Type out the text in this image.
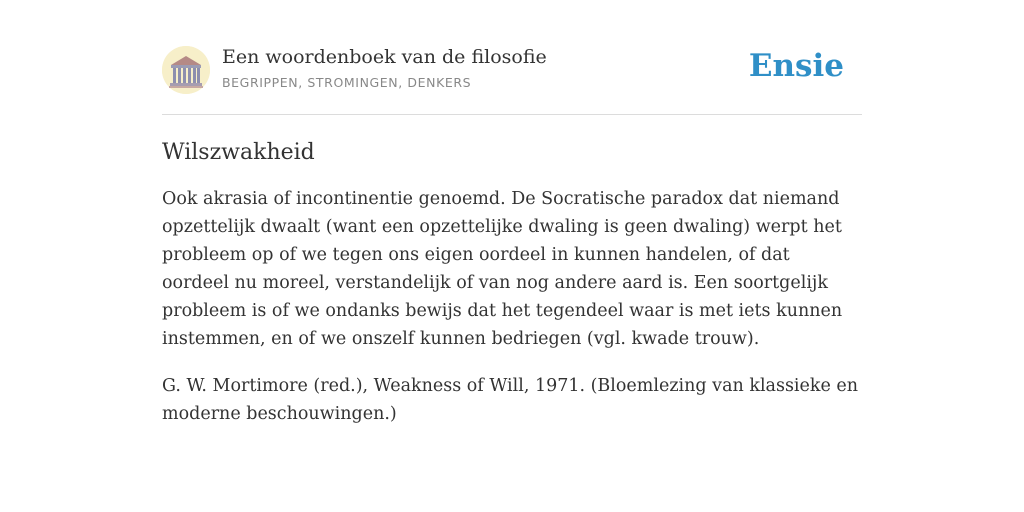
Een woordenboek van de filosofie
BEGRIPPEN, STROMINGEN, DENKERS	Ensie
Wilszwakheid

Ook akrasia of incontinentie genoemd. De Socratische paradox dat niemand opzettelijk dwaalt (want een opzettelijke dwaling is geen dwaling) werpt het probleem op of we tegen ons eigen oordeel in kunnen handelen, of dat oordeel nu moreel, verstandelijk of van nog andere aard is. Een soortgelijk probleem is of we ondanks bewijs dat het tegendeel waar is met iets kunnen instemmen, en of we onszelf kunnen bedriegen (vgl. kwade trouw).

G. W. Mortimore (red.), Weakness of Will, 1971. (Bloemlezing van klassieke en moderne beschouwingen.)
